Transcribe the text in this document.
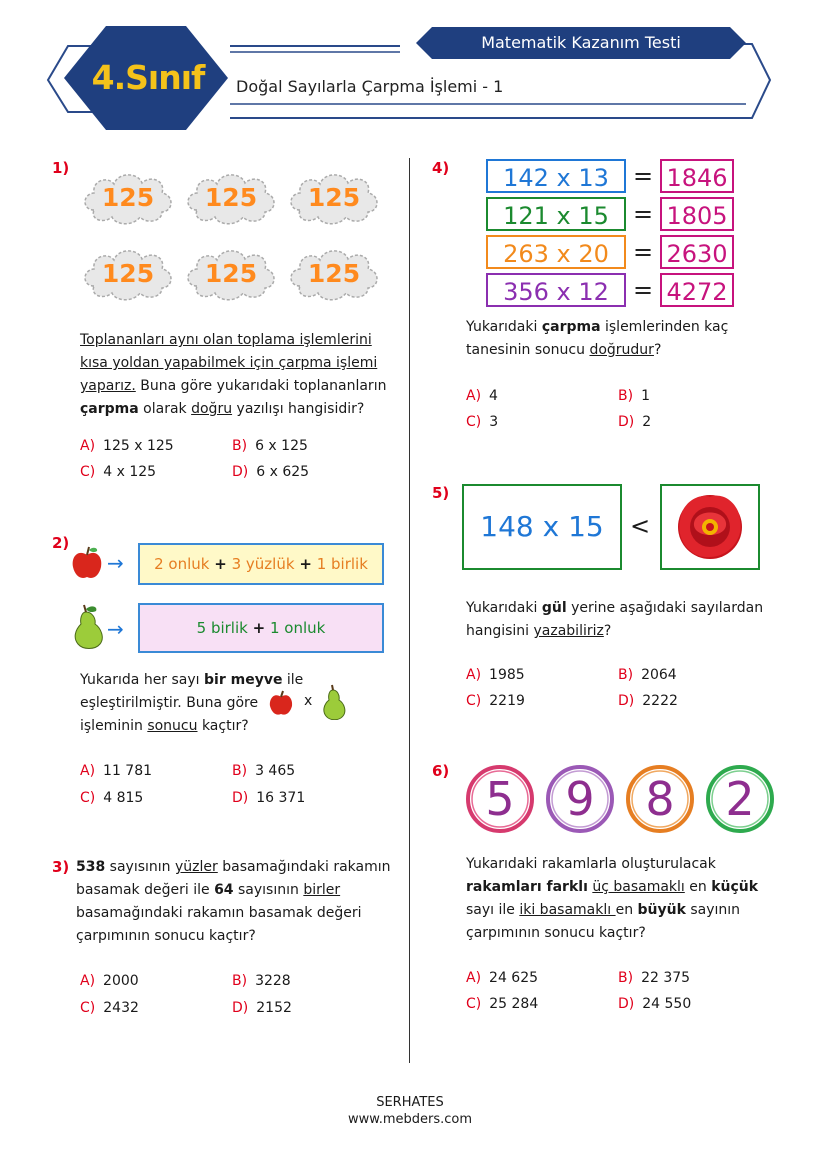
4.Sınıf
Matematik Kazanım Testi
Doğal Sayılarla Çarpma İşlemi - 1
1)
125	125	125
125	125	125
Toplananları aynı olan toplama işlemlerini
kısa yoldan yapabilmek için çarpma işlemi
yaparız. Buna göre yukarıdaki toplananların
çarpma olarak doğru yazılışı hangisidir?
A) 125 x 125	B) 6 x 125
C) 4 x 125	D) 6 x 625
2)
→	2 onluk + 3 yüzlük + 1 birlik
→	5 birlik + 1 onluk
Yukarıda her sayı bir meyve ile
eşleştirilmiştir. Buna göre
işleminin sonucu kaçtır?
x
A) 11 781	B) 3 465
C) 4 815	D) 16 371
3) 538 sayısının yüzler basamağındaki rakamın
basamak değeri ile 64 sayısının birler
basamağındaki rakamın basamak değeri
çarpımının sonucu kaçtır?
A) 2000	B) 3228
C) 2432	D) 2152
4)	142 x 13	= 1846
121 x 15	= 1805
263 x 20	= 2630
356 x 12	= 4272
Yukarıdaki çarpma işlemlerinden kaç
tanesinin sonucu doğrudur?
A) 4	B) 1
C) 3	D) 2
5)
148 x 15	<
Yukarıdaki gül yerine aşağıdaki sayılardan
hangisini yazabiliriz?
A) 1985	B) 2064
C) 2219	D) 2222
6)
5	9	8	2
Yukarıdaki rakamlarla oluşturulacak
rakamları farklı üç basamaklı en küçük
sayı ile iki basamaklı en büyük sayının
çarpımının sonucu kaçtır?
A) 24 625	B) 22 375
C) 25 284	D) 24 550
SERHATES
www.mebders.com
